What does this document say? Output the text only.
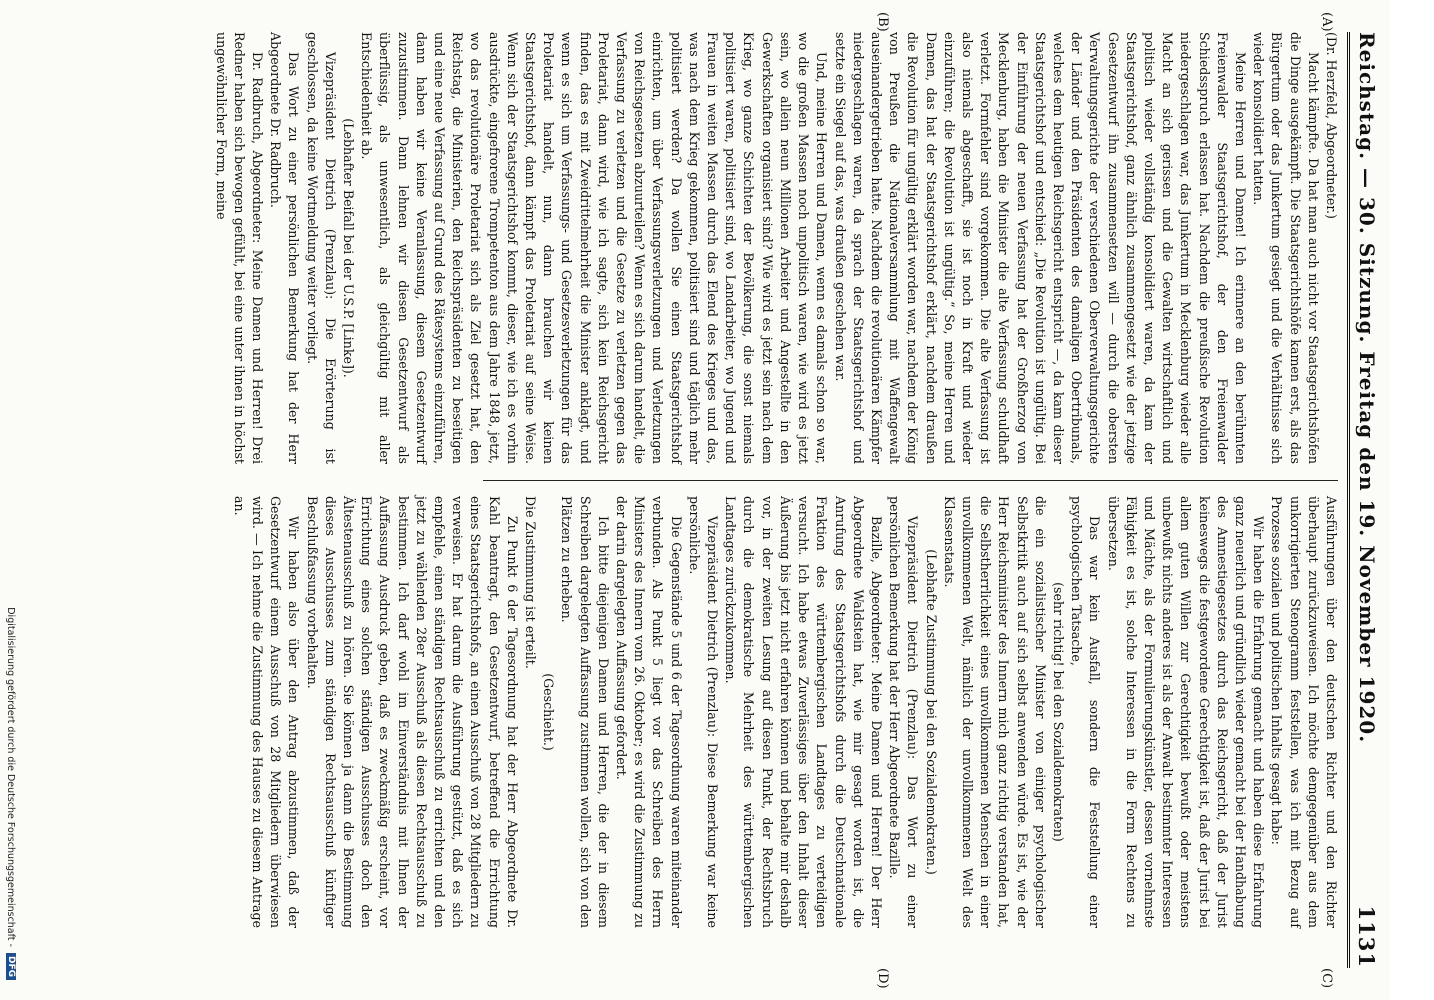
Reichstag. — 30. Sitzung. Freitag den 19. November 1920.
1131
(A)
(B)
(C)
(D)

(Dr. Herzfeld, Abgeordneter.)

Macht kämpfte. Da hat man auch nicht vor Staatsgerichtshöfen die Dinge ausgekämpft. Die Staatsgerichtshöfe kamen erst, als das Bürgertum oder das Junkertum gesiegt und die Verhältnisse sich wieder konsolidiert hatten.

Meine Herren und Damen! Ich erinnere an den berühmten Freienwalder Staatsgerichtshof, der den Freienwalder Schiedsspruch erlassen hat. Nachdem die preußische Revolution niedergeschlagen war, das Junkertum in Mecklenburg wieder alle Macht an sich gerissen und die Gewalten wirtschaftlich und politisch wieder vollständig konsolidiert waren, da kam der Staatsgerichtshof, ganz ähnlich zusammengesetzt wie der jetzige Gesetzentwurf ihn zusammensetzen will — durch die obersten Verwaltungsgerichte der verschiedenen Oberverwaltungsgerichte der Länder und den Präsidenten des damaligen Obertribunals, welches dem heutigen Reichsgericht entspricht —, da kam dieser Staatsgerichtshof und entschied: „Die Revolution ist ungültig. Bei der Einführung der neuen Verfassung hat der Großherzog von Mecklenburg, haben die Minister die alte Verfassung schuldhaft verletzt. Formfehler sind vorgekommen. Die alte Verfassung ist also niemals abgeschafft, sie ist noch in Kraft und wieder einzuführen; die Revolution ist ungültig.“ So, meine Herren und Damen, das hat der Staatsgerichtshof erklärt, nachdem draußen die Revolution für ungültig erklärt worden war, nachdem der König von Preußen die Nationalversammlung mit Waffengewalt auseinandergetrieben hatte. Nachdem die revolutionären Kämpfer niedergeschlagen waren, da sprach der Staatsgerichtshof und setzte ein Siegel auf das, was draußen geschehen war.

Und, meine Herren und Damen, wenn es damals schon so war, wo die großen Massen noch unpolitisch waren, wie wird es jetzt sein, wo allein neun Millionen Arbeiter und Angestellte in den Gewerkschaften organisiert sind? Wie wird es jetzt sein nach dem Krieg, wo ganze Schichten der Bevölkerung, die sonst niemals politisiert waren, politisiert sind, wo Landarbeiter, wo Jugend und Frauen in weiten Massen durch das Elend des Krieges und das, was nach dem Krieg gekommen, politisiert sind und täglich mehr politisiert werden? Da wollen Sie einen Staatsgerichtshof einrichten, um über Verfassungsverletzungen und Verletzungen von Reichsgesetzen abzuurteilen? Wenn es sich darum handelt, die Verfassung zu verletzen und die Gesetze zu verletzen gegen das Proletariat, dann wird, wie ich sagte, sich kein Reichsgericht finden, das es mit Zweidrittelmehrheit die Minister anklagt, und wenn es sich um Verfassungs- und Gesetzesverletzungen für das Proletariat handelt, nun, dann brauchen wir keinen Staatsgerichtshof, dann kämpft das Proletariat auf seine Weise. Wenn sich der Staatsgerichtshof kommt, dieser, wie ich es vorhin ausdrückte, eingefrorene Trompetenton aus dem Jahre 1848, jetzt, wo das revolutionäre Proletariat sich als Ziel gesetzt hat, den Reichstag, die Ministerien, den Reichspräsidenten zu beseitigen und eine neue Verfassung auf Grund des Rätesystems einzuführen, dann haben wir keine Veranlassung, diesem Gesetzentwurf zuzustimmen. Dann lehnen wir diesen Gesetzentwurf als überflüssig, als unwesentlich, als gleichgültig mit aller Entschiedenheit ab.

(Lebhafter Beifall bei der U.S.P. [Linke]).

Vizepräsident Dietrich (Prenzlau): Die Erörterung ist geschlossen, da keine Wortmeldung weiter vorliegt.

Das Wort zu einer persönlichen Bemerkung hat der Herr Abgeordnete Dr. Radbruch.

Dr. Radbruch, Abgeordneter: Meine Damen und Herren! Drei Redner haben sich bewogen gefühlt, bei eine unter ihnen in höchst ungewöhnlicher Form, meine

Ausführungen über den deutschen Richter und den Richter überhaupt zurückzuweisen. Ich möchte demgegenüber aus dem unkorrigierten Stenogramm feststellen, was ich mit Bezug auf Prozesse sozialen und politischen Inhalts gesagt habe:

Wir haben die Erfahrung gemacht und haben diese Erfahrung ganz neuerlich und gründlich wieder gemacht bei der Handhabung des Amnestiegesetzes durch das Reichsgericht, daß der Jurist keineswegs die festgewordene Gerechtigkeit ist, daß der Jurist bei allem guten Willen zur Gerechtigkeit bewußt oder meistens unbewußt nichts anderes ist als der Anwalt bestimmter Interessen und Mächte, als der Formulierungskünstler, dessen vornehmste Fähigkeit es ist, solche Interessen in die Form Rechtens zu übersetzen.

Das war kein Ausfall, sondern die Feststellung einer psychologischen Tatsache,

(sehr richtig! bei den Sozialdemokraten)

die ein sozialistischer Minister von einiger psychologischer Selbstkritik auch auf sich selbst anwenden würde. Es ist, wie der Herr Reichsminister des Innern mich ganz richtig verstanden hat, die Selbstherrlichkeit eines unvollkommenen Menschen in einer unvollkommenen Welt, nämlich der unvollkommenen Welt des Klassenstaats.

(Lebhafte Zustimmung bei den Sozialdemokraten.)

Vizepräsident Dietrich (Prenzlau): Das Wort zu einer persönlichen Bemerkung hat der Herr Abgeordnete Bazille.

Bazille, Abgeordneter: Meine Damen und Herren! Der Herr Abgeordnete Waldstein hat, wie mir gesagt worden ist, die Anrufung des Staatsgerichtshofs durch die Deutschnationale Fraktion des württembergischen Landtages zu verteidigen versucht. Ich habe etwas Zuverlässiges über den Inhalt dieser Äußerung bis jetzt nicht erfahren können und behalte mir deshalb vor, in der zweiten Lesung auf diesen Punkt, der Rechtsbruch durch die demokratische Mehrheit des württembergischen Landtages zurückzukommen.

Vizepräsident Dietrich (Prenzlau): Diese Bemerkung war keine persönliche.

Die Gegenstände 5 und 6 der Tagesordnung waren miteinander verbunden. Als Punkt 5 liegt vor das Schreiben des Herrn Ministers des Innern vom 26. Oktober; es wird die Zustimmung zu der darin dargelegten Auffassung gefordert.

Ich bitte diejenigen Damen und Herren, die der in diesem Schreiben dargelegten Auffassung zustimmen wollen, sich von den Plätzen zu erheben.

(Geschieht.)

Die Zustimmung ist erteilt.

Zu Punkt 6 der Tagesordnung hat der Herr Abgeordnete Dr. Kahl beantragt, den Gesetzentwurf, betreffend die Errichtung eines Staatsgerichtshofs, an einen Ausschuß von 28 Mitgliedern zu verweisen. Er hat darum die Ausführung gestützt, daß es sich empfehle, einen ständigen Rechtsausschuß zu errichten und den jetzt zu wählenden 28er Ausschuß als diesen Rechtsausschuß zu bestimmen. Ich darf wohl im Einverständnis mit Ihnen der Auffassung Ausdruck geben, daß es zweckmäßig erscheint, vor Errichtung eines solchen ständigen Ausschusses doch den Ältestenausschuß zu hören. Sie können ja dann die Bestimmung dieses Ausschusses zum ständigen Rechtsausschuß künftiger Beschlußfassung vorbehalten.

Wir haben also über den Antrag abzustimmen, daß der Gesetzentwurf einem Ausschuß von 28 Mitgliedern überwiesen wird. — Ich nehme die Zustimmung des Hauses zu diesem Antrage an.

Digitalisierung gefördert durch die Deutsche Forschungsgemeinschaft -
DFG
